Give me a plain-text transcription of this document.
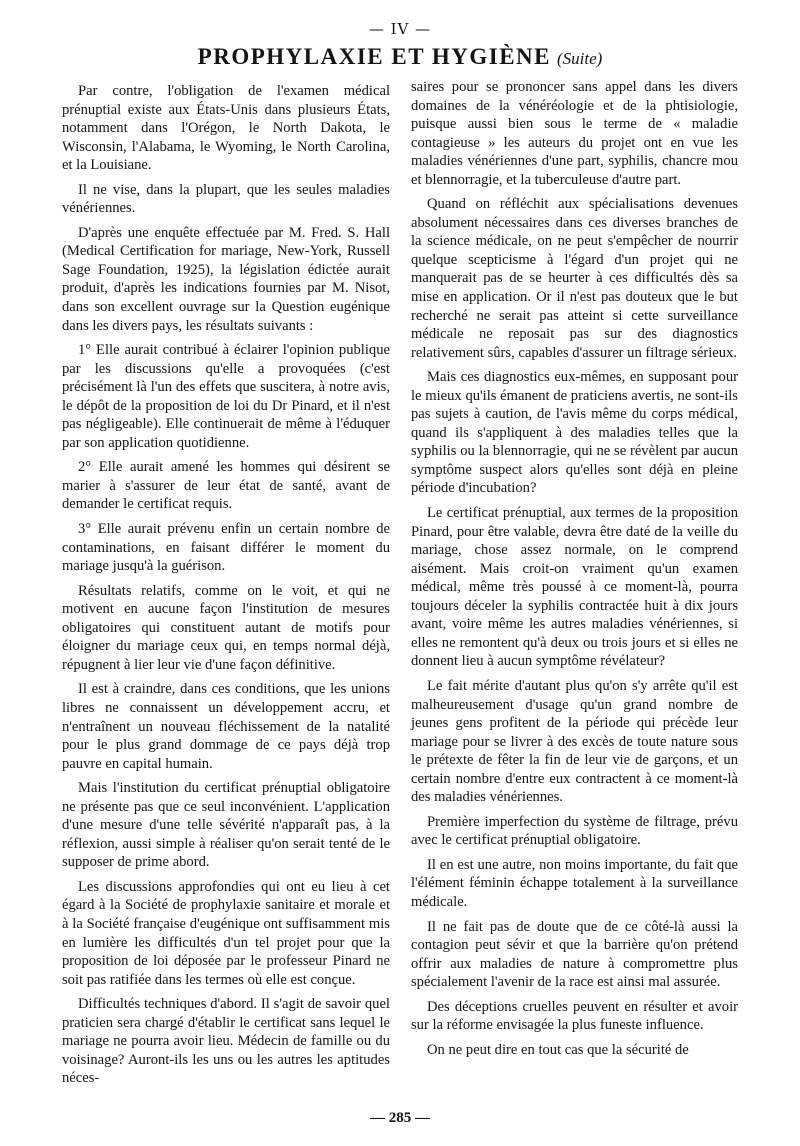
— IV —
PROPHYLAXIE ET HYGIÈNE (Suite)

Par contre, l'obligation de l'examen médical prénuptial existe aux États-Unis dans plusieurs États, notamment dans l'Orégon, le North Dakota, le Wisconsin, l'Alabama, le Wyoming, le North Carolina, et la Louisiane.

Il ne vise, dans la plupart, que les seules maladies vénériennes.

D'après une enquête effectuée par M. Fred. S. Hall (Medical Certification for mariage, New-York, Russell Sage Foundation, 1925), la législation édictée aurait produit, d'après les indications fournies par M. Nisot, dans son excellent ouvrage sur la Question eugénique dans les divers pays, les résultats suivants :

1° Elle aurait contribué à éclairer l'opinion publique par les discussions qu'elle a provoquées (c'est précisément là l'un des effets que suscitera, à notre avis, le dépôt de la proposition de loi du Dr Pinard, et il n'est pas négligeable). Elle continuerait de même à l'éduquer par son application quotidienne.

2° Elle aurait amené les hommes qui désirent se marier à s'assurer de leur état de santé, avant de demander le certificat requis.

3° Elle aurait prévenu enfin un certain nombre de contaminations, en faisant différer le moment du mariage jusqu'à la guérison.

Résultats relatifs, comme on le voit, et qui ne motivent en aucune façon l'institution de mesures obligatoires qui constituent autant de motifs pour éloigner du mariage ceux qui, en temps normal déjà, répugnent à lier leur vie d'une façon définitive.

Il est à craindre, dans ces conditions, que les unions libres ne connaissent un développement accru, et n'entraînent un nouveau fléchissement de la natalité pour le plus grand dommage de ce pays déjà trop pauvre en capital humain.

Mais l'institution du certificat prénuptial obligatoire ne présente pas que ce seul inconvénient. L'application d'une mesure d'une telle sévérité n'apparaît pas, à la réflexion, aussi simple à réaliser qu'on serait tenté de le supposer de prime abord.

Les discussions approfondies qui ont eu lieu à cet égard à la Société de prophylaxie sanitaire et morale et à la Société française d'eugénique ont suffisamment mis en lumière les difficultés d'un tel projet pour que la proposition de loi déposée par le professeur Pinard ne soit pas ratifiée dans les termes où elle est conçue.

Difficultés techniques d'abord. Il s'agit de savoir quel praticien sera chargé d'établir le certificat sans lequel le mariage ne pourra avoir lieu. Médecin de famille ou du voisinage? Auront-ils les uns ou les autres les aptitudes néces-

saires pour se prononcer sans appel dans les divers domaines de la vénéréologie et de la phtisiologie, puisque aussi bien sous le terme de « maladie contagieuse » les auteurs du projet ont en vue les maladies vénériennes d'une part, syphilis, chancre mou et blennorragie, et la tuberculeuse d'autre part.

Quand on réfléchit aux spécialisations devenues absolument nécessaires dans ces diverses branches de la science médicale, on ne peut s'empêcher de nourrir quelque scepticisme à l'égard d'un projet qui ne manquerait pas de se heurter à ces difficultés dès sa mise en application. Or il n'est pas douteux que le but recherché ne serait pas atteint si cette surveillance médicale ne reposait pas sur des diagnostics relativement sûrs, capables d'assurer un filtrage sérieux.

Mais ces diagnostics eux-mêmes, en supposant pour le mieux qu'ils émanent de praticiens avertis, ne sont-ils pas sujets à caution, de l'avis même du corps médical, quand ils s'appliquent à des maladies telles que la syphilis ou la blennorragie, qui ne se révèlent par aucun symptôme suspect alors qu'elles sont déjà en pleine période d'incubation?

Le certificat prénuptial, aux termes de la proposition Pinard, pour être valable, devra être daté de la veille du mariage, chose assez normale, on le comprend aisément. Mais croit-on vraiment qu'un examen médical, même très poussé à ce moment-là, pourra toujours déceler la syphilis contractée huit à dix jours avant, voire même les autres maladies vénériennes, si elles ne remontent qu'à deux ou trois jours et si elles ne donnent lieu à aucun symptôme révélateur?

Le fait mérite d'autant plus qu'on s'y arrête qu'il est malheureusement d'usage qu'un grand nombre de jeunes gens profitent de la période qui précède leur mariage pour se livrer à des excès de toute nature sous le prétexte de fêter la fin de leur vie de garçons, et un certain nombre d'entre eux contractent à ce moment-là des maladies vénériennes.

Première imperfection du système de filtrage, prévu avec le certificat prénuptial obligatoire.

Il en est une autre, non moins importante, du fait que l'élément féminin échappe totalement à la surveillance médicale.

Il ne fait pas de doute que de ce côté-là aussi la contagion peut sévir et que la barrière qu'on prétend offrir aux maladies de nature à compromettre plus spécialement l'avenir de la race est ainsi mal assurée.

Des déceptions cruelles peuvent en résulter et avoir sur la réforme envisagée la plus funeste influence.

On ne peut dire en tout cas que la sécurité de

— 285 —
